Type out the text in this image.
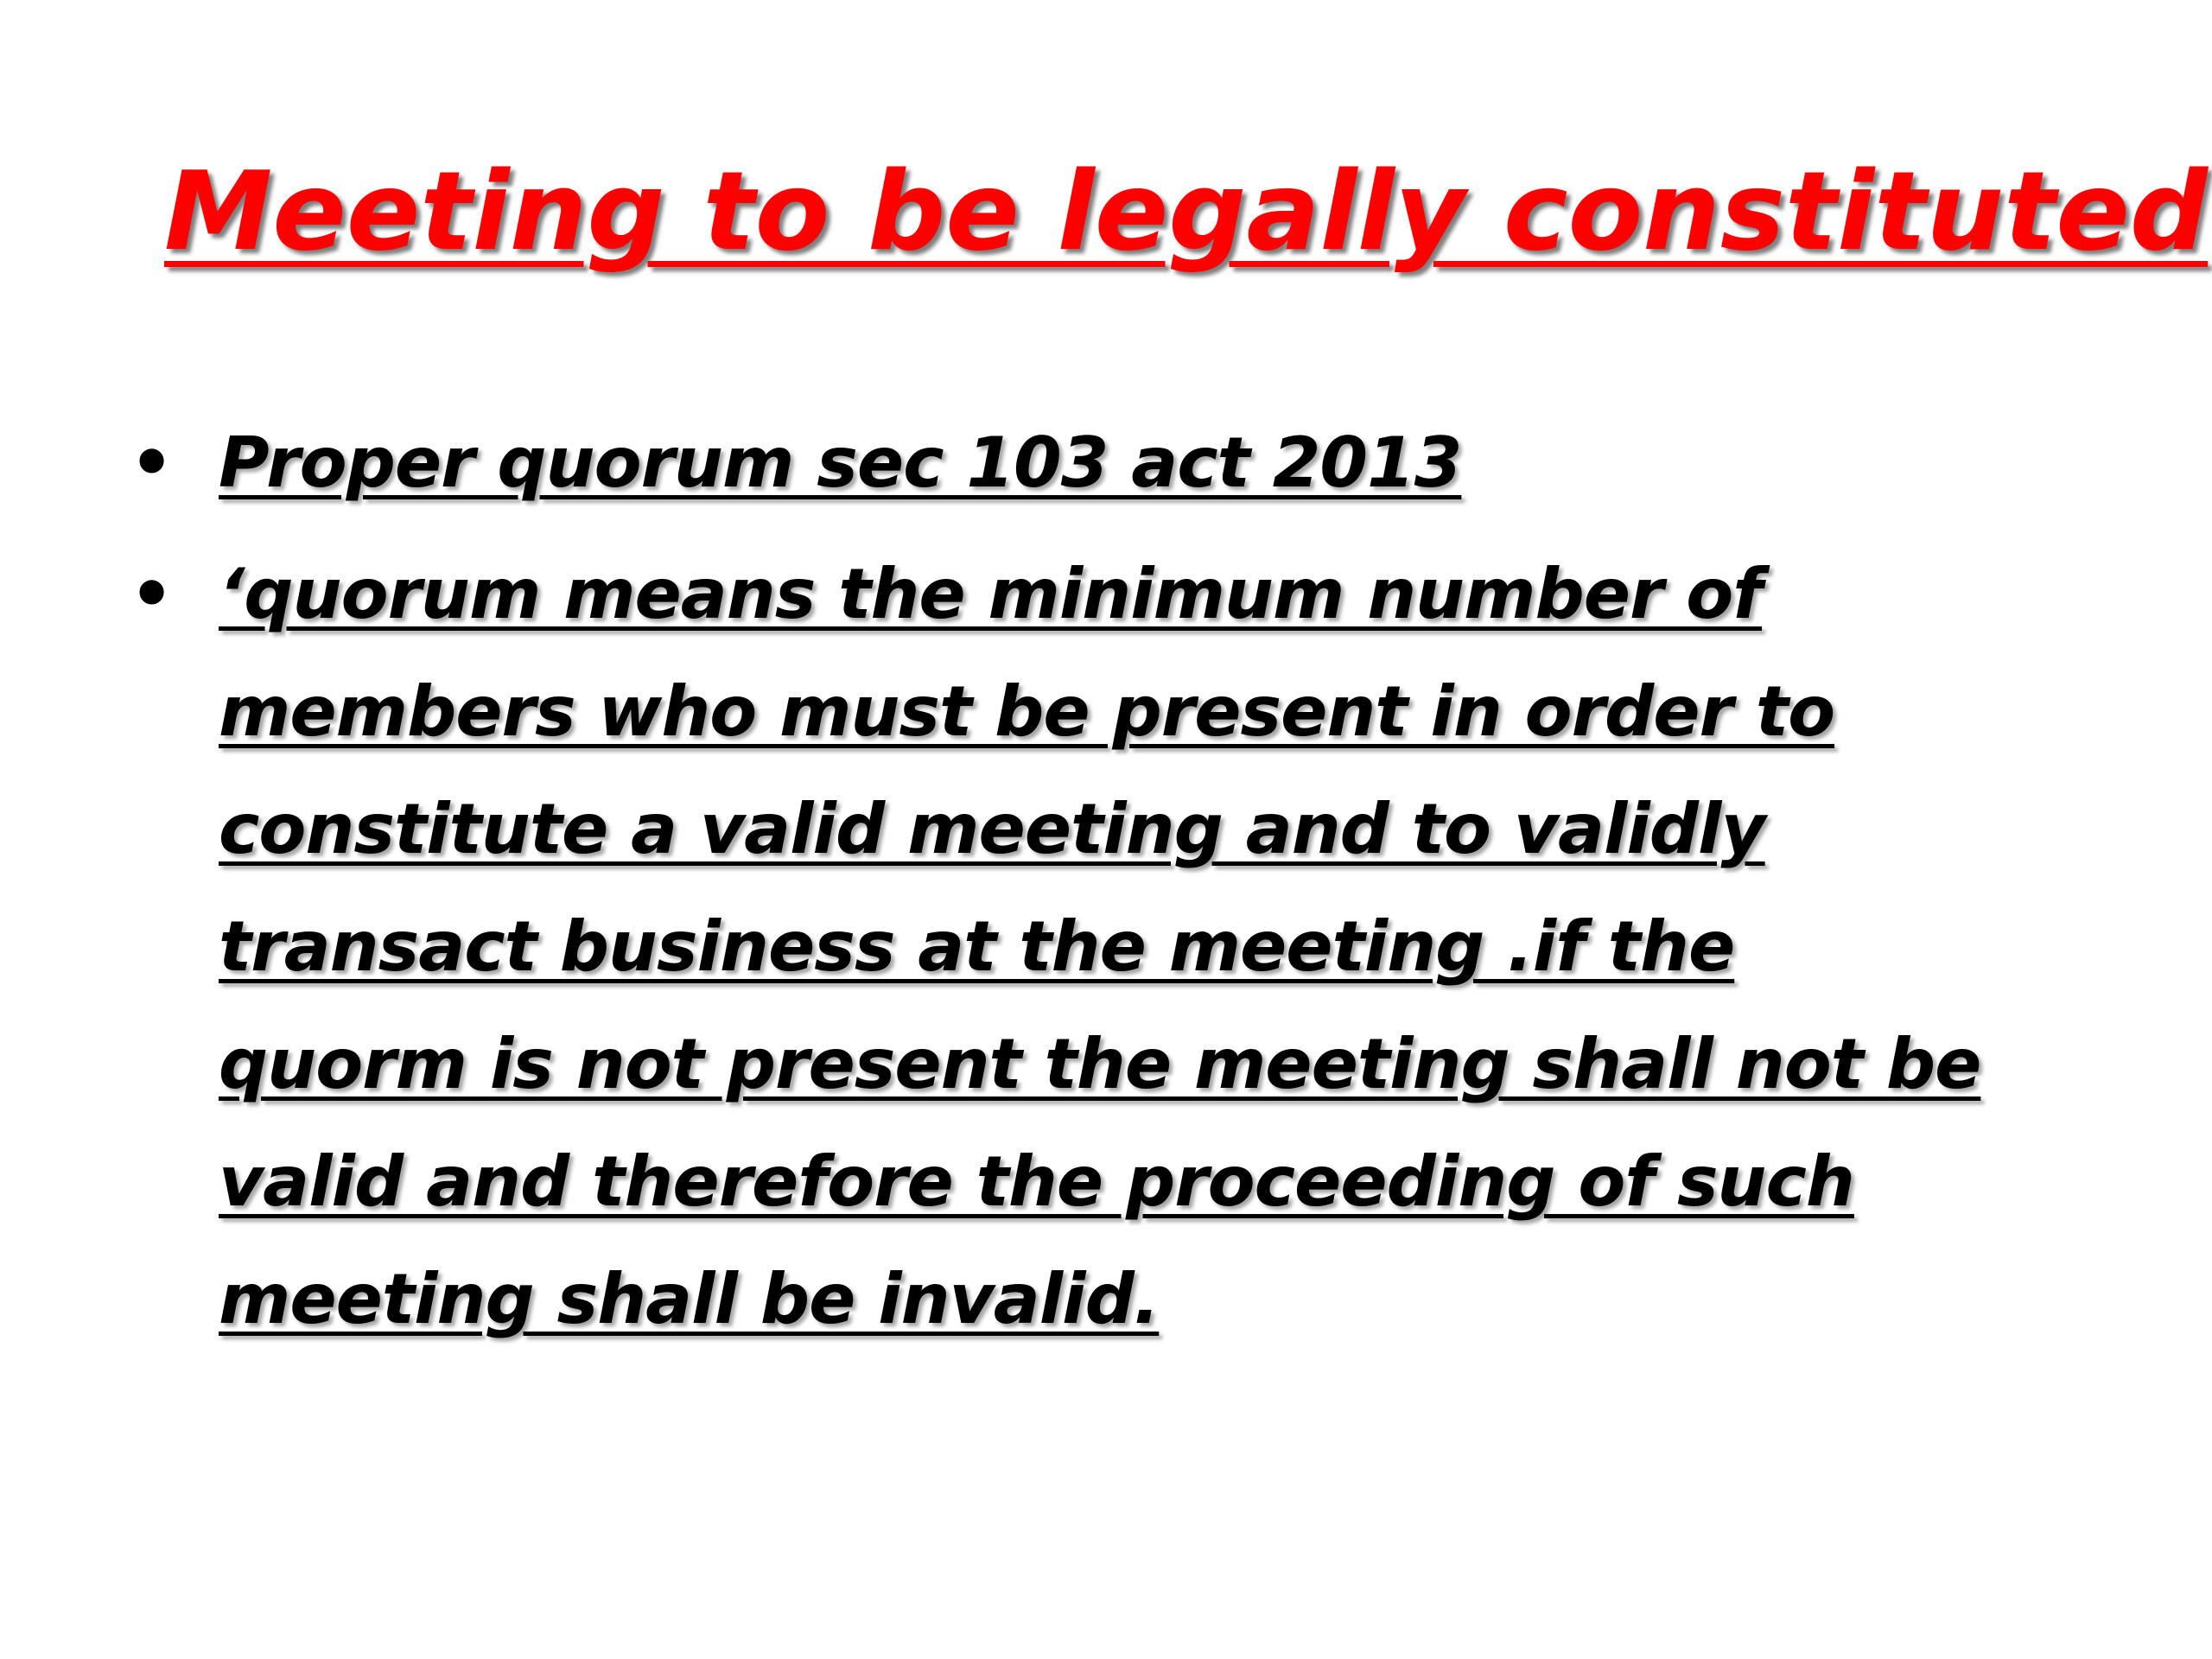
Meeting to be legally constituted
• Proper quorum sec 103 act 2013
• ‘quorum means the minimum number of
members who must be present in order to
constitute a valid meeting and to validly
transact business at the meeting .if the
quorm is not present the meeting shall not be
valid and therefore the proceeding of such
meeting shall be invalid.
